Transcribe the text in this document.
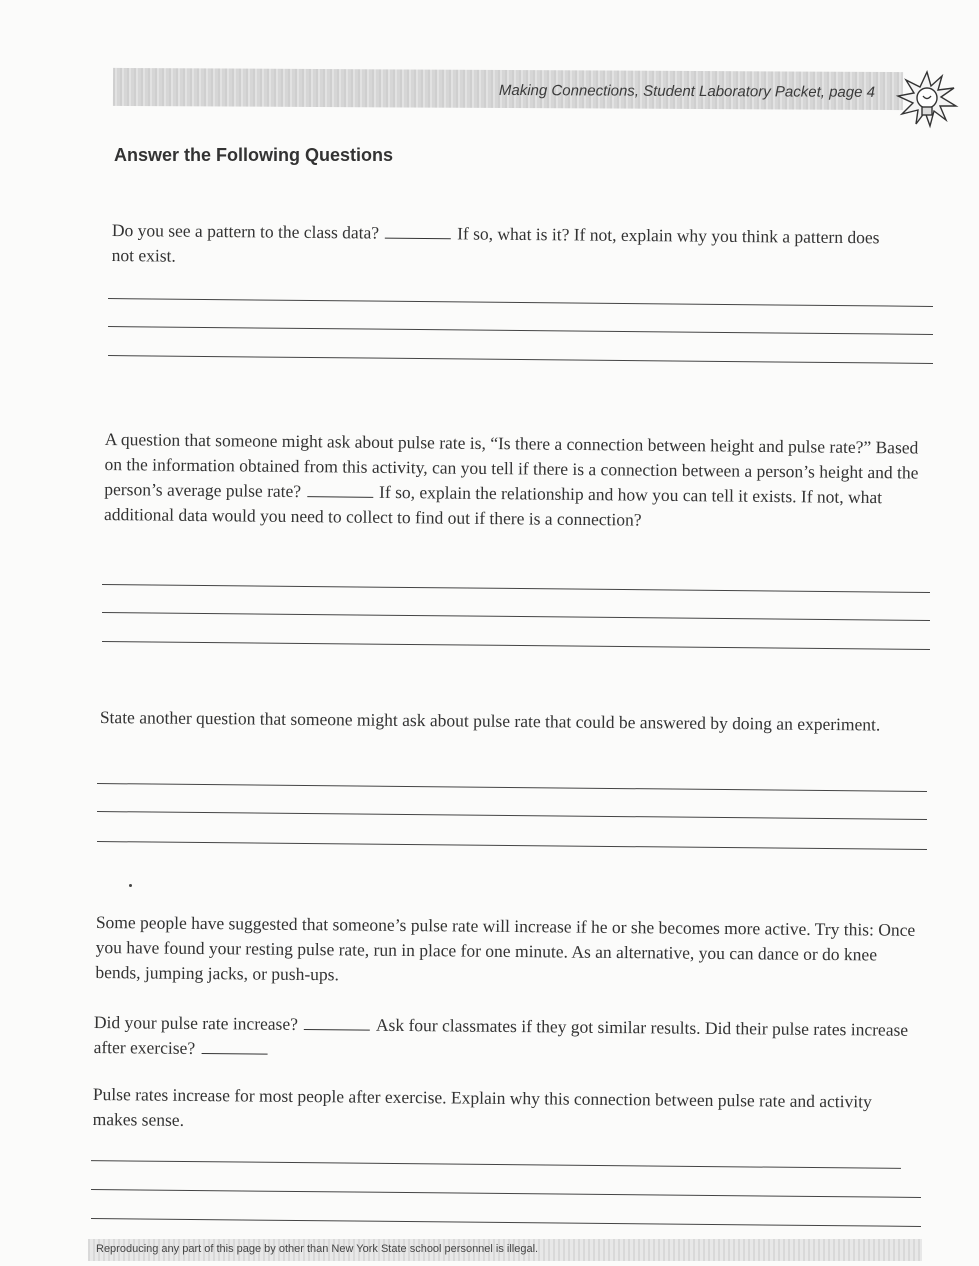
Making Connections, Student Laboratory Packet, page 4
Answer the Following Questions

Do you see a pattern to the class data?	If so, what is it? If not, explain why you think a pattern does not exist.

A question that someone might ask about pulse rate is, “Is there a connection between height and pulse rate?” Based on the information obtained from this activity, can you tell if there is a connection between a person’s height and the person’s average pulse rate?	If so, explain the relationship and how you can tell it exists. If not, what additional data would you need to collect to find out if there is a connection?

State another question that someone might ask about pulse rate that could be answered by doing an experiment.

Some people have suggested that someone’s pulse rate will increase if he or she becomes more active. Try this: Once you have found your resting pulse rate, run in place for one minute. As an alternative, you can dance or do knee bends, jumping jacks, or push-ups.

Did your pulse rate increase?	Ask four classmates if they got similar results. Did their pulse rates increase after exercise?

Pulse rates increase for most people after exercise. Explain why this connection between pulse rate and activity makes sense.

Reproducing any part of this page by other than New York State school personnel is illegal.
